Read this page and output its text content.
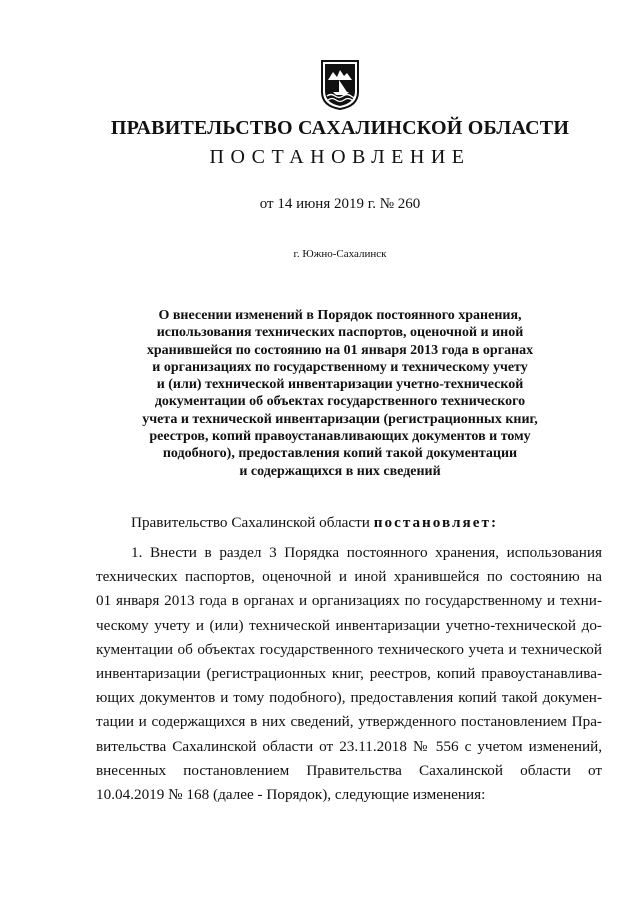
ПРАВИТЕЛЬСТВО САХАЛИНСКОЙ ОБЛАСТИ
ПОСТАНОВЛЕНИЕ
от 14 июня 2019 г. № 260
г. Южно-Сахалинск
О внесении изменений в Порядок постоянного хранения,
использования технических паспортов, оценочной и иной
хранившейся по состоянию на 01 января 2013 года в органах
и организациях по государственному и техническому учету
и (или) технической инвентаризации учетно-технической
документации об объектах государственного технического
учета и технической инвентаризации (регистрационных книг,
реестров, копий правоустанавливающих документов и тому
подобного), предоставления копий такой документации
и содержащихся в них сведений
Правительство Сахалинской области постановляет:
1. Внести в раздел 3 Порядка постоянного хранения, использования
технических паспортов, оценочной и иной хранившейся по состоянию на
01 января 2013 года в органах и организациях по государственному и техни-
ческому учету и (или) технической инвентаризации учетно-технической до-
кументации об объектах государственного технического учета и технической
инвентаризации (регистрационных книг, реестров, копий правоустанавлива-
ющих документов и тому подобного), предоставления копий такой докумен-
тации и содержащихся в них сведений, утвержденного постановлением Пра-
вительства Сахалинской области от 23.11.2018 № 556 с учетом изменений,
внесенных постановлением Правительства Сахалинской области от
10.04.2019 № 168 (далее - Порядок), следующие изменения:
